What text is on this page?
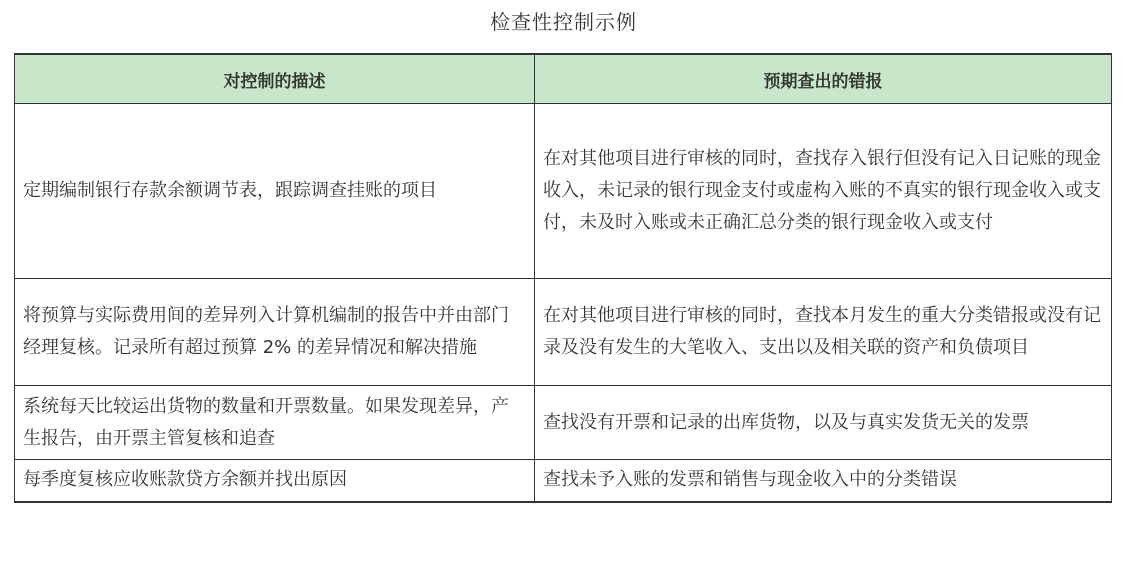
检查性控制示例
对控制的描述	预期查出的错报
定期编制银行存款余额调节表，跟踪调查挂账的项目	在对其他项目进行审核的同时，查找存入银行但没有记入日记账的现金收入，未记录的银行现金支付或虚构入账的不真实的银行现金收入或支付，未及时入账或未正确汇总分类的银行现金收入或支付
将预算与实际费用间的差异列入计算机编制的报告中并由部门经理复核。记录所有超过预算 2% 的差异情况和解决措施	在对其他项目进行审核的同时，查找本月发生的重大分类错报或没有记录及没有发生的大笔收入、支出以及相关联的资产和负债项目
系统每天比较运出货物的数量和开票数量。如果发现差异，产生报告，由开票主管复核和追查	查找没有开票和记录的出库货物，以及与真实发货无关的发票
每季度复核应收账款贷方余额并找出原因	查找未予入账的发票和销售与现金收入中的分类错误
